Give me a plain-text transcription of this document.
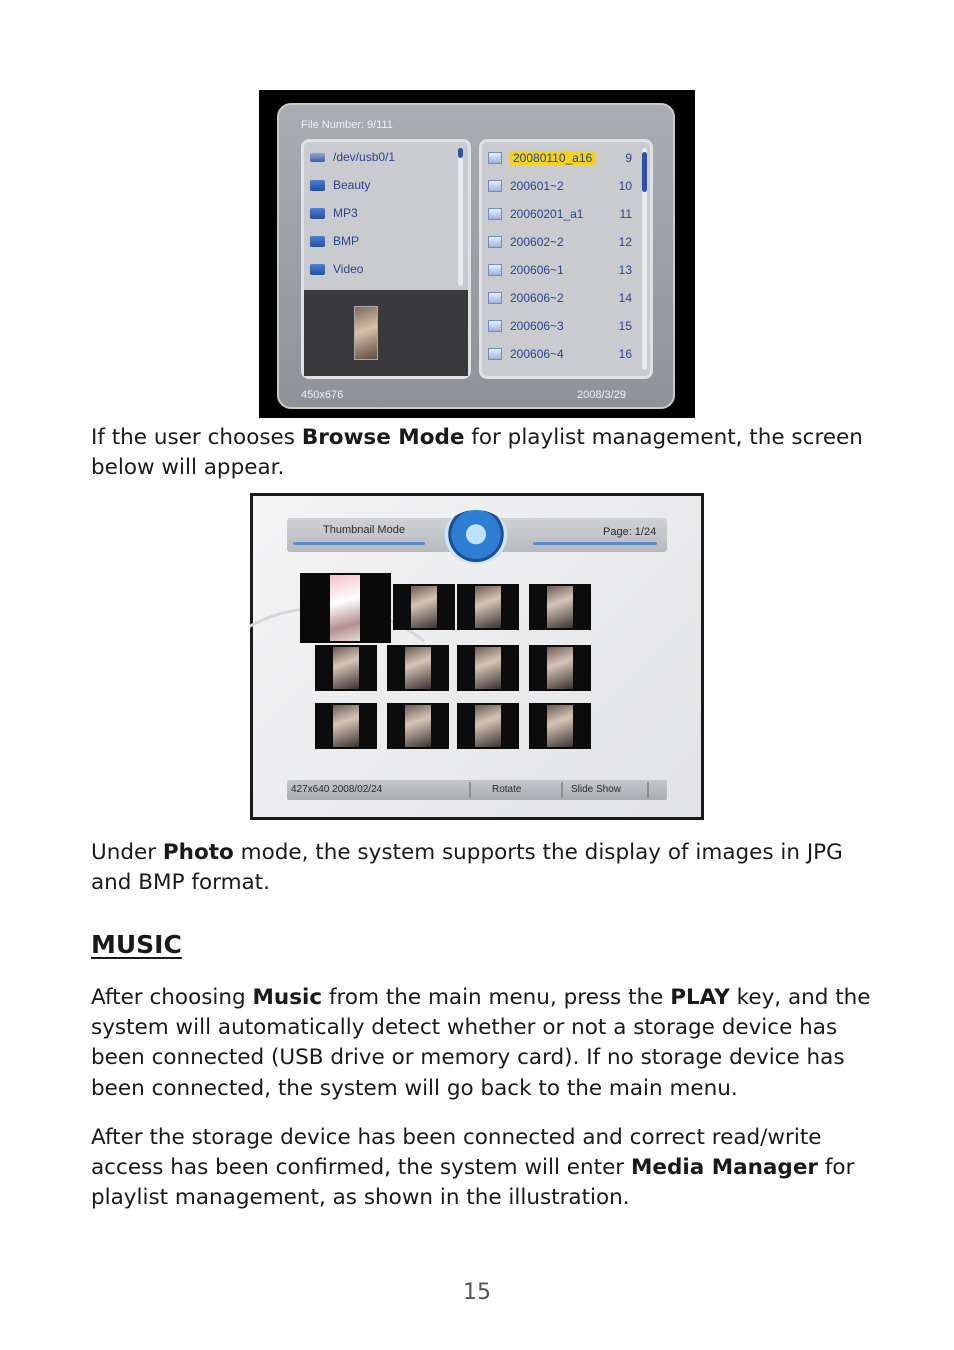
File Number: 9/111
/dev/usb0/1
Beauty
MP3
BMP
Video
20080110_a16	9
200601~2	10
20060201_a1	11
200602~2	12
200606~1	13
200606~2	14
200606~3	15
200606~4	16
450x676	2008/3/29

If the user chooses Browse Mode for playlist management, the screen below will appear.

Thumbnail Mode	Page: 1/24
427x640 2008/02/24	Rotate	Slide Show

Under Photo mode, the system supports the display of images in JPG and BMP format.

MUSIC

After choosing Music from the main menu, press the PLAY key, and the system will automatically detect whether or not a storage device has been connected (USB drive or memory card). If no storage device has been connected, the system will go back to the main menu.

After the storage device has been connected and correct read/write access has been confirmed, the system will enter Media Manager for playlist management, as shown in the illustration.

15
